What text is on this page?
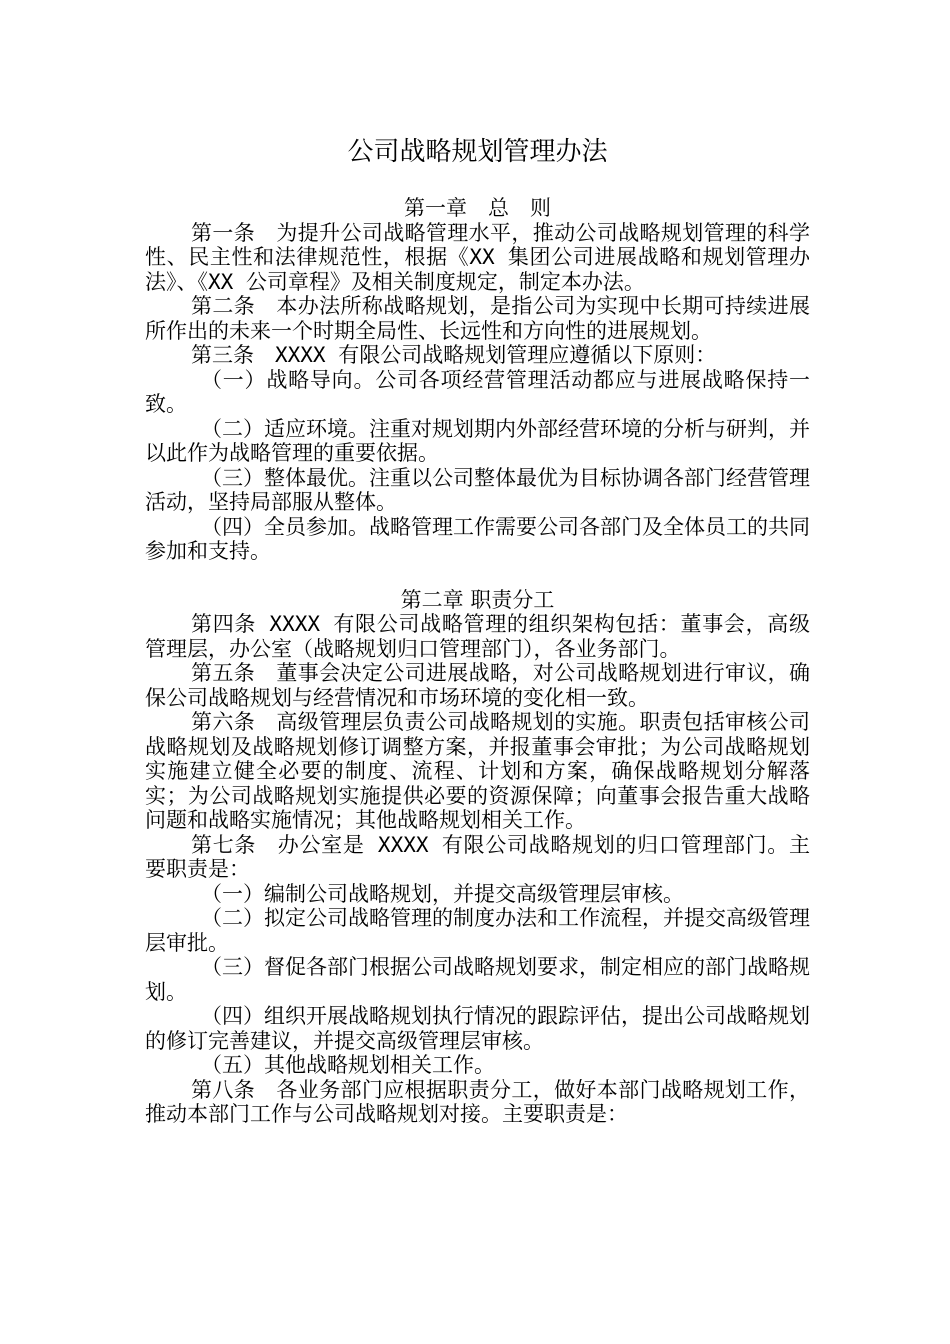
公司战略规划管理办法
第一章　总　则

第一条　为提升公司战略管理水平，推动公司战略规划管理的科学性、民主性和法律规范性，根据《XX 集团公司进展战略和规划管理办法》、《XX 公司章程》及相关制度规定，制定本办法。

第二条　本办法所称战略规划，是指公司为实现中长期可持续进展所作出的未来一个时期全局性、长远性和方向性的进展规划。

第三条　XXXX 有限公司战略规划管理应遵循以下原则：

（一）战略导向。公司各项经营管理活动都应与进展战略保持一致。

（二）适应环境。注重对规划期内外部经营环境的分析与研判，并以此作为战略管理的重要依据。

（三）整体最优。注重以公司整体最优为目标协调各部门经营管理活动，坚持局部服从整体。

（四）全员参加。战略管理工作需要公司各部门及全体员工的共同参加和支持。

第二章 职责分工

第四条 XXXX 有限公司战略管理的组织架构包括：董事会，高级管理层，办公室（战略规划归口管理部门），各业务部门。

第五条　董事会决定公司进展战略，对公司战略规划进行审议，确保公司战略规划与经营情况和市场环境的变化相一致。

第六条　高级管理层负责公司战略规划的实施。职责包括审核公司战略规划及战略规划修订调整方案，并报董事会审批；为公司战略规划实施建立健全必要的制度、流程、计划和方案，确保战略规划分解落实；为公司战略规划实施提供必要的资源保障；向董事会报告重大战略问题和战略实施情况；其他战略规划相关工作。

第七条　办公室是 XXXX 有限公司战略规划的归口管理部门。主要职责是：

（一）编制公司战略规划，并提交高级管理层审核。

（二）拟定公司战略管理的制度办法和工作流程，并提交高级管理层审批。

（三）督促各部门根据公司战略规划要求，制定相应的部门战略规划。

（四）组织开展战略规划执行情况的跟踪评估，提出公司战略规划的修订完善建议，并提交高级管理层审核。

（五）其他战略规划相关工作。

第八条　各业务部门应根据职责分工，做好本部门战略规划工作，推动本部门工作与公司战略规划对接。主要职责是：
